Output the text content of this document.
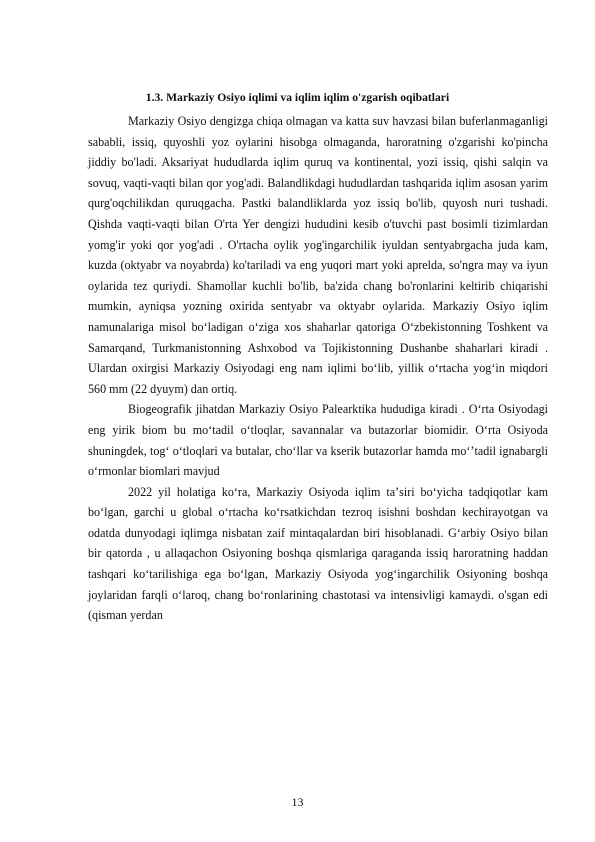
1.3. Markaziy Osiyo iqlimi va iqlim iqlim o'zgarish oqibatlari

Markaziy Osiyo dengizga chiqa olmagan va katta suv havzasi bilan buferlanmaganligi sababli, issiq, quyoshli yoz oylarini hisobga olmaganda, haroratning o'zgarishi ko'pincha jiddiy bo'ladi. Aksariyat hududlarda iqlim quruq va kontinental, yozi issiq, qishi salqin va sovuq, vaqti-vaqti bilan qor yog'adi. Balandlikdagi hududlardan tashqarida iqlim asosan yarim qurg'oqchilikdan quruqgacha. Pastki balandliklarda yoz issiq bo'lib, quyosh nuri tushadi. Qishda vaqti-vaqti bilan O'rta Yer dengizi hududini kesib o'tuvchi past bosimli tizimlardan yomg'ir yoki qor yog'adi . O'rtacha oylik yog'ingarchilik iyuldan sentyabrgacha juda kam, kuzda (oktyabr va noyabrda) ko'tariladi va eng yuqori mart yoki aprelda, so'ngra may va iyun oylarida tez quriydi. Shamollar kuchli bo'lib, ba'zida chang bo'ronlarini keltirib chiqarishi mumkin, ayniqsa yozning oxirida sentyabr va oktyabr oylarida. Markaziy Osiyo iqlim namunalariga misol boʻladigan oʻziga xos shaharlar qatoriga Oʻzbekistonning Toshkent va Samarqand, Turkmanistonning Ashxobod va Tojikistonning Dushanbe shaharlari kiradi . Ulardan oxirgisi Markaziy Osiyodagi eng nam iqlimi boʻlib, yillik oʻrtacha yogʻin miqdori 560 mm (22 dyuym) dan ortiq.

Biogeografik jihatdan Markaziy Osiyo Palearktika hududiga kiradi . Oʻrta Osiyodagi eng yirik biom bu moʻtadil oʻtloqlar, savannalar va butazorlar biomidir. Oʻrta Osiyoda shuningdek, togʻ oʻtloqlari va butalar, choʻllar va kserik butazorlar hamda moʻʼtadil ignabargli oʻrmonlar biomlari mavjud

2022 yil holatiga koʻra, Markaziy Osiyoda iqlim taʼsiri boʻyicha tadqiqotlar kam boʻlgan, garchi u global oʻrtacha koʻrsatkichdan tezroq isishni boshdan kechirayotgan va odatda dunyodagi iqlimga nisbatan zaif mintaqalardan biri hisoblanadi. Gʻarbiy Osiyo bilan bir qatorda , u allaqachon Osiyoning boshqa qismlariga qaraganda issiq haroratning haddan tashqari koʻtarilishiga ega boʻlgan, Markaziy Osiyoda yogʻingarchilik Osiyoning boshqa joylaridan farqli oʻlaroq, chang boʻronlarining chastotasi va intensivligi kamaydi. o'sgan edi (qisman yerdan

13
